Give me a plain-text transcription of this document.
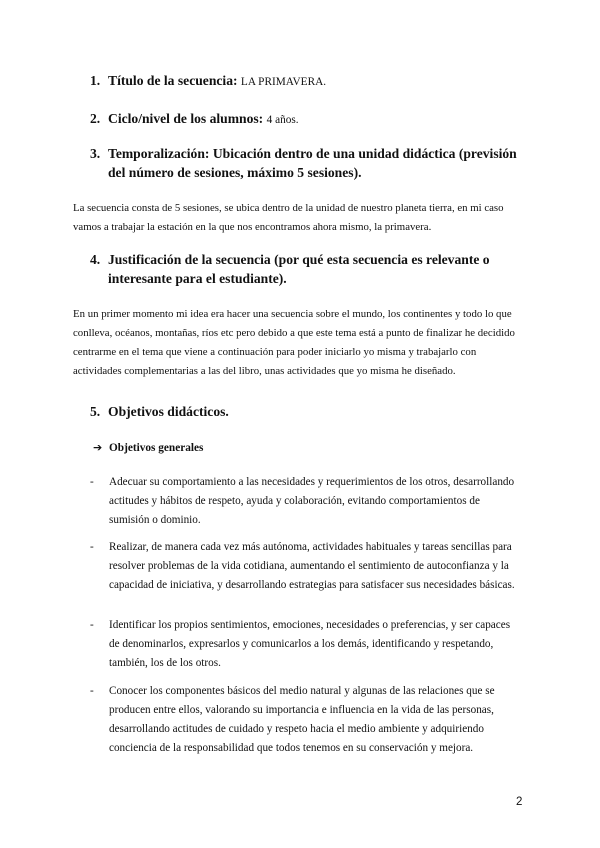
1. Título de la secuencia: LA PRIMAVERA.
2. Ciclo/nivel de los alumnos: 4 años.
3. Temporalización: Ubicación dentro de una unidad didáctica (previsión del número de sesiones, máximo 5 sesiones).

La secuencia consta de 5 sesiones, se ubica dentro de la unidad de nuestro planeta tierra, en mi caso vamos a trabajar la estación en la que nos encontramos ahora mismo, la primavera.

4. Justificación de la secuencia (por qué esta secuencia es relevante o interesante para el estudiante).

En un primer momento mi idea era hacer una secuencia sobre el mundo, los continentes y todo lo que conlleva, océanos, montañas, ríos etc pero debido a que este tema está a punto de finalizar he decidido centrarme en el tema que viene a continuación para poder iniciarlo yo misma y trabajarlo con actividades complementarias a las del libro, unas actividades que yo misma he diseñado.

5. Objetivos didácticos.
➔ Objetivos generales
-	Adecuar su comportamiento a las necesidades y requerimientos de los otros, desarrollando actitudes y hábitos de respeto, ayuda y colaboración, evitando comportamientos de sumisión o dominio.
-	Realizar, de manera cada vez más autónoma, actividades habituales y tareas sencillas para resolver problemas de la vida cotidiana, aumentando el sentimiento de autoconfianza y la capacidad de iniciativa, y desarrollando estrategias para satisfacer sus necesidades básicas.
-	Identificar los propios sentimientos, emociones, necesidades o preferencias, y ser capaces de denominarlos, expresarlos y comunicarlos a los demás, identificando y respetando, también, los de los otros.
-	Conocer los componentes básicos del medio natural y algunas de las relaciones que se producen entre ellos, valorando su importancia e influencia en la vida de las personas, desarrollando actitudes de cuidado y respeto hacia el medio ambiente y adquiriendo conciencia de la responsabilidad que todos tenemos en su conservación y mejora.
2
